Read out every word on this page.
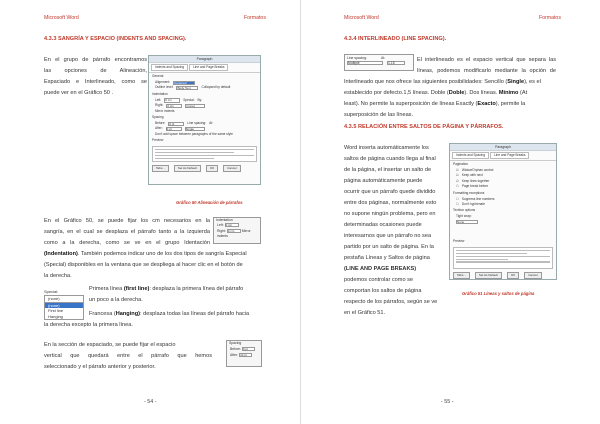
Microsoft Word	Formatos
4.3.3 SANGRÍA Y ESPACIO (INDENTS AND SPACING).
En el grupo de párrafo encontramos
las opciones de Alineación,
Espaciado e Interlineado, como se
puede ver en el Gráfico 50 .
Paragraph
Indents and Spacing	Line and Page Breaks
General
Alignment:	Centered
Outline level:	Body Text	Collapsed by default
Indentation
Left:	0 cm	Special: By:
Right:	0 cm	(none)
Mirror indents
Spacing
Before:	0 pt	Line spacing: At:
After:	0 pt	Single
Don't add space between paragraphs of the same style
Preview
Tabs...	Set As Default	OK	Cancel
Gráfico 50 Alineación de párrafos
En el Gráfico 50, se puede fijar los cm necesarios en la
sangría, en el cual se desplaza el párrafo tanto a la izquierda
como a la derecha, como se ve en el grupo Identación
(Indentation). También podemos indicar uno de los dos tipos de sangría Especial
(Special) disponibles en la ventana que se despliega al hacer clic en el botón de
la derecha.
Indentation
Left: 0 cm
Right: 0 cm Mirror indents
Special:
(none)
(none)
First line
Hanging
Primera línea (first line): desplaza la primera línea del párrafo
un poco a la derecha.
Francesa (Hanging): desplaza todas las líneas del párrafo hacia
la derecha excepto la primera línea.
En la sección de espaciado, se puede fijar el espacio
vertical que quedará entre el párrafo que hemos
seleccionado y el párrafo anterior y posterior.
Spacing
Before: 0 pt
After: 10 pt
- 54 -
Microsoft Word	Formatos
4.3.4 INTERLINEADO (LINE SPACING).
Line spacing:	At:
Multiple	1,15	El interlineado es el espacio vertical que separa las
líneas, podemos modificarlo mediante la opción de
Interlineado que nos ofrece las siguientes posibilidades: Sencillo (Single), es el
establecido por defecto.1,5 líneas. Doble (Doble). Dos líneas. Mínimo (At
least). No permite la superposición de líneas Exactly (Exacto), permite la
superposición de las líneas.
4.3.5 RELACIÓN ENTRE SALTOS DE PÁGINA Y PÁRRAFOS.
Word inserta automáticamente los
saltos de página cuando llega al final
de la página, el insertar un salto de
página automáticamente puede
ocurrir que un párrafo quede dividido
entre dos páginas, normalmente esto
no supone ningún problema, pero en
determinadas ocasiones puede
interesarnos que un párrafo no sea
partido por un salto de página. En la
pestaña Líneas y Saltos de página
(LINE AND PAGE BREAKS)
podemos controlar como se
comportan los saltos de página
respecto de los párrafos, según se ve
en el Gráfico 51.
Paragraph
Indents and Spacing	Line and Page Breaks
Pagination
☑ Widow/Orphan control
☑ Keep with next
☑ Keep lines together
☐ Page break before
Formatting exceptions
☐ Suppress line numbers
☐ Don't hyphenate
Textbox options
Tight wrap:
None
Preview
Tabs...	Set As Default	OK	Cancel
Gráfico 51 Líneas y saltos de página
- 55 -
